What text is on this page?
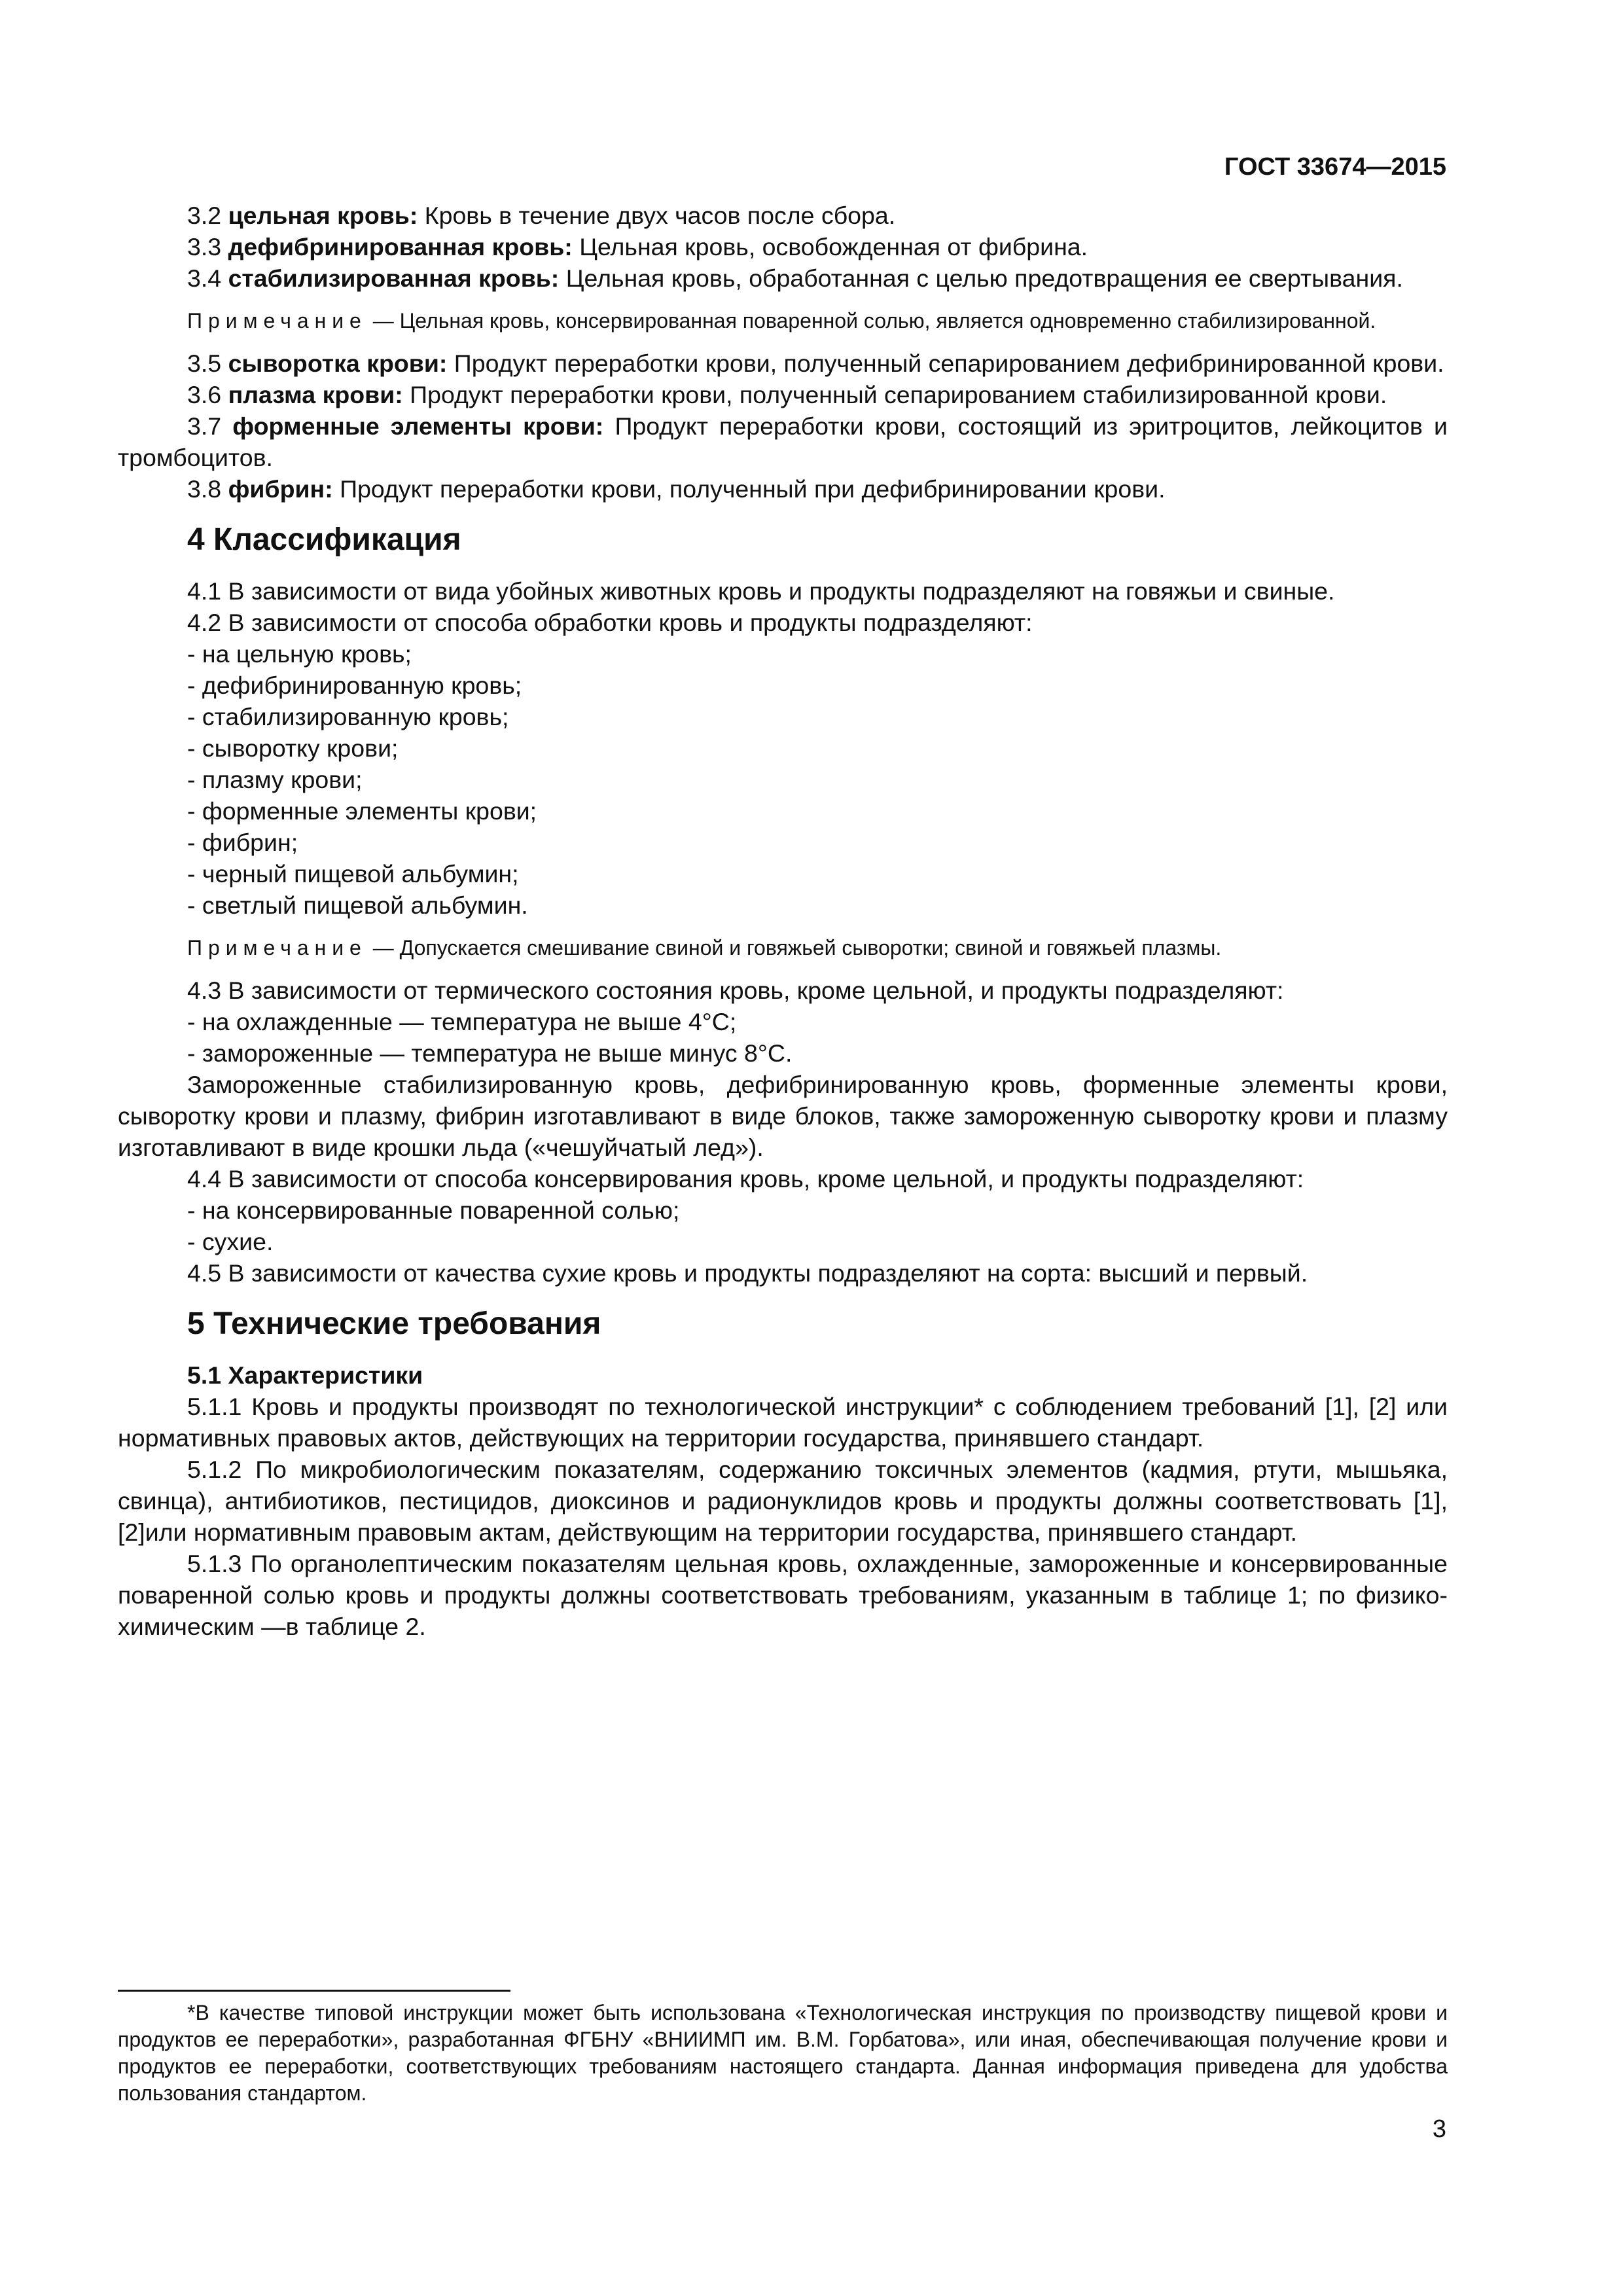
ГОСТ 33674—2015

3.2 цельная кровь: Кровь в течение двух часов после сбора.

3.3 дефибринированная кровь: Цельная кровь, освобожденная от фибрина.

3.4 стабилизированная кровь: Цельная кровь, обработанная с целью предотвращения ее свертывания.

Примечание — Цельная кровь, консервированная поваренной солью, является одновременно стабилизированной.

3.5 сыворотка крови: Продукт переработки крови, полученный сепарированием дефибринированной крови.

3.6 плазма крови: Продукт переработки крови, полученный сепарированием стабилизированной крови.

3.7 форменные элементы крови: Продукт переработки крови, состоящий из эритроцитов, лейкоцитов и тромбоцитов.

3.8 фибрин: Продукт переработки крови, полученный при дефибринировании крови.

4 Классификация

4.1 В зависимости от вида убойных животных кровь и продукты подразделяют на говяжьи и свиные.

4.2 В зависимости от способа обработки кровь и продукты подразделяют:

- на цельную кровь;

- дефибринированную кровь;

- стабилизированную кровь;

- сыворотку крови;

- плазму крови;

- форменные элементы крови;

- фибрин;

- черный пищевой альбумин;

- светлый пищевой альбумин.

Примечание — Допускается смешивание свиной и говяжьей сыворотки; свиной и говяжьей плазмы.

4.3 В зависимости от термического состояния кровь, кроме цельной, и продукты подразделяют:

- на охлажденные — температура не выше 4°С;

- замороженные — температура не выше минус 8°С.

Замороженные стабилизированную кровь, дефибринированную кровь, форменные элементы крови, сыворотку крови и плазму, фибрин изготавливают в виде блоков, также замороженную сыворотку крови и плазму изготавливают в виде крошки льда («чешуйчатый лед»).

4.4 В зависимости от способа консервирования кровь, кроме цельной, и продукты подразделяют:

- на консервированные поваренной солью;

- сухие.

4.5 В зависимости от качества сухие кровь и продукты подразделяют на сорта: высший и первый.

5 Технические требования
5.1 Характеристики

5.1.1 Кровь и продукты производят по технологической инструкции* с соблюдением требований [1], [2] или нормативных правовых актов, действующих на территории государства, принявшего стандарт.

5.1.2 По микробиологическим показателям, содержанию токсичных элементов (кадмия, ртути, мышьяка, свинца), антибиотиков, пестицидов, диоксинов и радионуклидов кровь и продукты должны соответствовать [1], [2]или нормативным правовым актам, действующим на территории государства, принявшего стандарт.

5.1.3 По органолептическим показателям цельная кровь, охлажденные, замороженные и консервированные поваренной солью кровь и продукты должны соответствовать требованиям, указанным в таблице 1; по физико-химическим —в таблице 2.

*В качестве типовой инструкции может быть использована «Технологическая инструкция по производству пищевой крови и продуктов ее переработки», разработанная ФГБНУ «ВНИИМП им. В.М. Горбатова», или иная, обеспечивающая получение крови и продуктов ее переработки, соответствующих требованиям настоящего стандарта. Данная информация приведена для удобства пользования стандартом.
3
